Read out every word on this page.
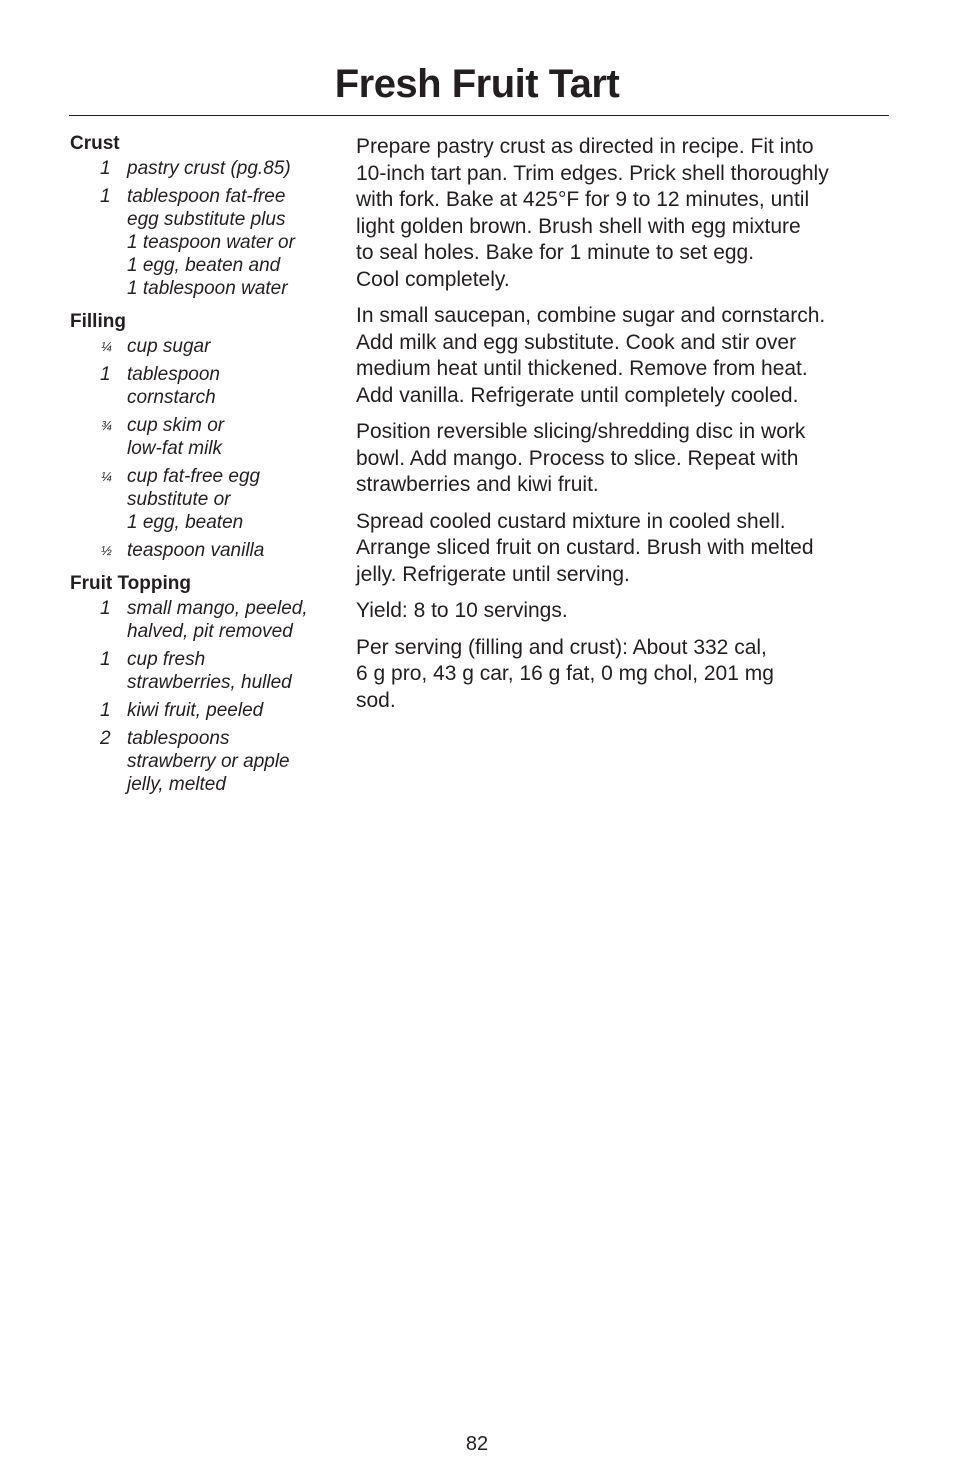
Fresh Fruit Tart
Crust
1 pastry crust (pg.85)
1 tablespoon fat-free
egg substitute plus
1 teaspoon water or
1 egg, beaten and
1 tablespoon water
Filling
¼ cup sugar
1 tablespoon
cornstarch
¾ cup skim or
low-fat milk
¼ cup fat-free egg
substitute or
1 egg, beaten
½ teaspoon vanilla
Fruit Topping
1 small mango, peeled,
halved, pit removed
1 cup fresh
strawberries, hulled
1 kiwi fruit, peeled
2 tablespoons
strawberry or apple
jelly, melted

Prepare pastry crust as directed in recipe. Fit into
10-inch tart pan. Trim edges. Prick shell thoroughly
with fork. Bake at 425°F for 9 to 12 minutes, until
light golden brown. Brush shell with egg mixture
to seal holes. Bake for 1 minute to set egg.
Cool completely.

In small saucepan, combine sugar and cornstarch.
Add milk and egg substitute. Cook and stir over
medium heat until thickened. Remove from heat.
Add vanilla. Refrigerate until completely cooled.

Position reversible slicing/shredding disc in work
bowl. Add mango. Process to slice. Repeat with
strawberries and kiwi fruit.

Spread cooled custard mixture in cooled shell.
Arrange sliced fruit on custard. Brush with melted
jelly. Refrigerate until serving.

Yield: 8 to 10 servings.

Per serving (filling and crust): About 332 cal,
6 g pro, 43 g car, 16 g fat, 0 mg chol, 201 mg
sod.

82
